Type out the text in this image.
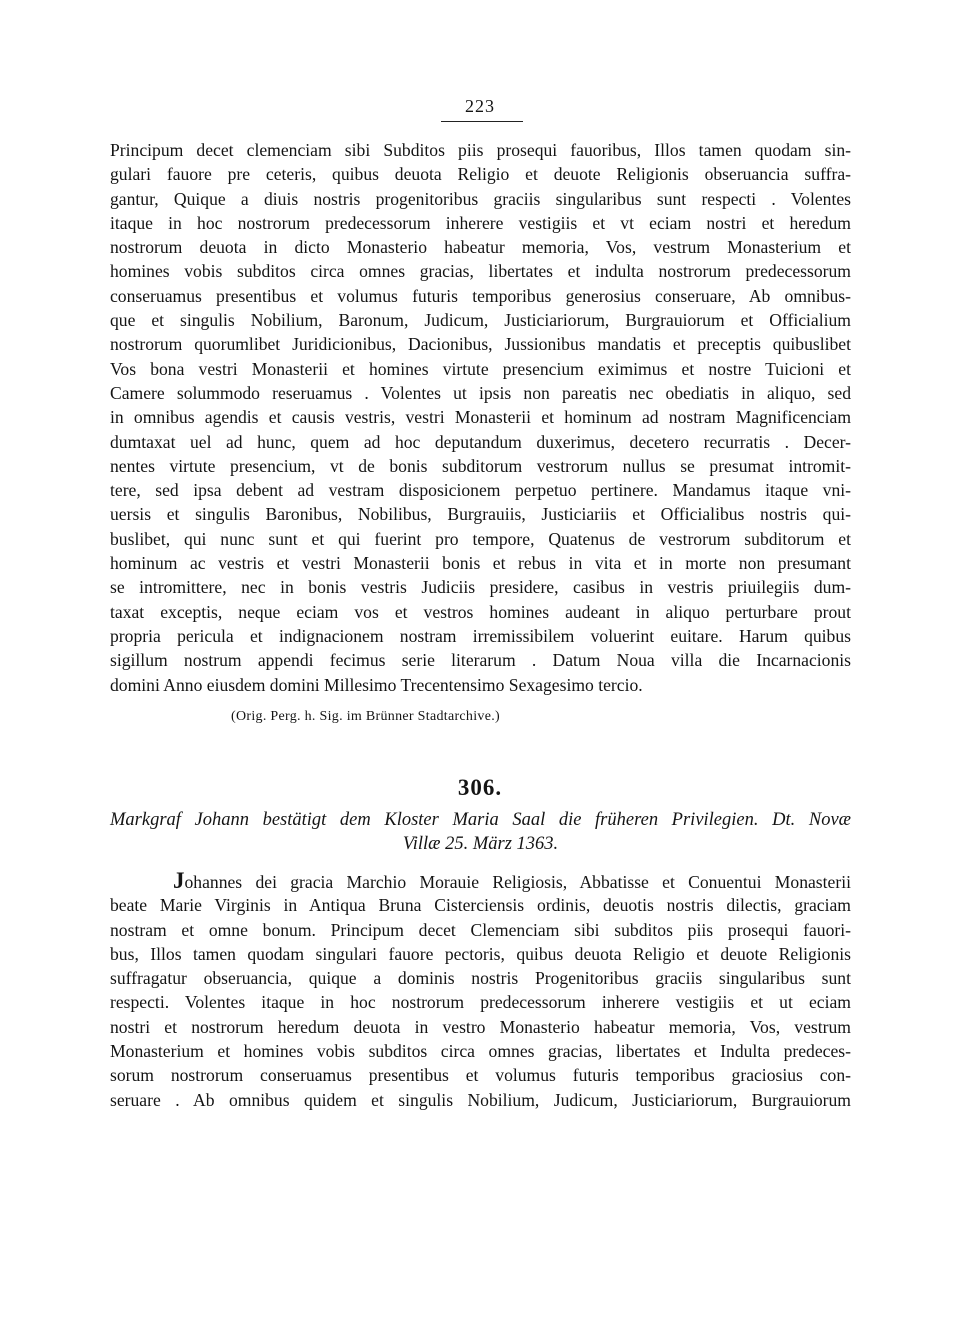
223
Principum decet clemenciam sibi Subditos piis prosequi fauoribus, Illos tamen quodam sin-
gulari fauore pre ceteris, quibus deuota Religio et deuote Religionis obseruancia suffra-
gantur, Quique a diuis nostris progenitoribus graciis singularibus sunt respecti . Volentes
itaque in hoc nostrorum predecessorum inherere vestigiis et vt eciam nostri et heredum
nostrorum deuota in dicto Monasterio habeatur memoria, Vos, vestrum Monasterium et
homines vobis subditos circa omnes gracias, libertates et indulta nostrorum predecessorum
conseruamus presentibus et volumus futuris temporibus generosius conseruare, Ab omnibus-
que et singulis Nobilium, Baronum, Judicum, Justiciariorum, Burgrauiorum et Officialium
nostrorum quorumlibet Juridicionibus, Dacionibus, Jussionibus mandatis et preceptis quibuslibet
Vos bona vestri Monasterii et homines virtute presencium eximimus et nostre Tuicioni et
Camere solummodo reseruamus . Volentes ut ipsis non pareatis nec obediatis in aliquo, sed
in omnibus agendis et causis vestris, vestri Monasterii et hominum ad nostram Magnificenciam
dumtaxat uel ad hunc, quem ad hoc deputandum duxerimus, decetero recurratis . Decer-
nentes virtute presencium, vt de bonis subditorum vestrorum nullus se presumat intromit-
tere, sed ipsa debent ad vestram disposicionem perpetuo pertinere. Mandamus itaque vni-
uersis et singulis Baronibus, Nobilibus, Burgrauiis, Justiciariis et Officialibus nostris qui-
buslibet, qui nunc sunt et qui fuerint pro tempore, Quatenus de vestrorum subditorum et
hominum ac vestris et vestri Monasterii bonis et rebus in vita et in morte non presumant
se intromittere, nec in bonis vestris Judiciis presidere, casibus in vestris priuilegiis dum-
taxat exceptis, neque eciam vos et vestros homines audeant in aliquo perturbare prout
propria pericula et indignacionem nostram irremissibilem voluerint euitare. Harum quibus
sigillum nostrum appendi fecimus serie literarum . Datum Noua villa die Incarnacionis
domini Anno eiusdem domini Millesimo Trecentensimo Sexagesimo tercio.
(Orig. Perg. h. Sig. im Brünner Stadtarchive.)
306.
Markgraf Johann bestätigt dem Kloster Maria Saal die früheren Privilegien. Dt. Novæ
Villæ 25. März 1363.
Johannes dei gracia Marchio Morauie Religiosis, Abbatisse et Conuentui Monasterii
beate Marie Virginis in Antiqua Bruna Cisterciensis ordinis, deuotis nostris dilectis, graciam
nostram et omne bonum. Principum decet Clemenciam sibi subditos piis prosequi fauori-
bus, Illos tamen quodam singulari fauore pectoris, quibus deuota Religio et deuote Religionis
suffragatur obseruancia, quique a dominis nostris Progenitoribus graciis singularibus sunt
respecti. Volentes itaque in hoc nostrorum predecessorum inherere vestigiis et ut eciam
nostri et nostrorum heredum deuota in vestro Monasterio habeatur memoria, Vos, vestrum
Monasterium et homines vobis subditos circa omnes gracias, libertates et Indulta predeces-
sorum nostrorum conseruamus presentibus et volumus futuris temporibus graciosius con-
seruare . Ab omnibus quidem et singulis Nobilium, Judicum, Justiciariorum, Burgrauiorum
